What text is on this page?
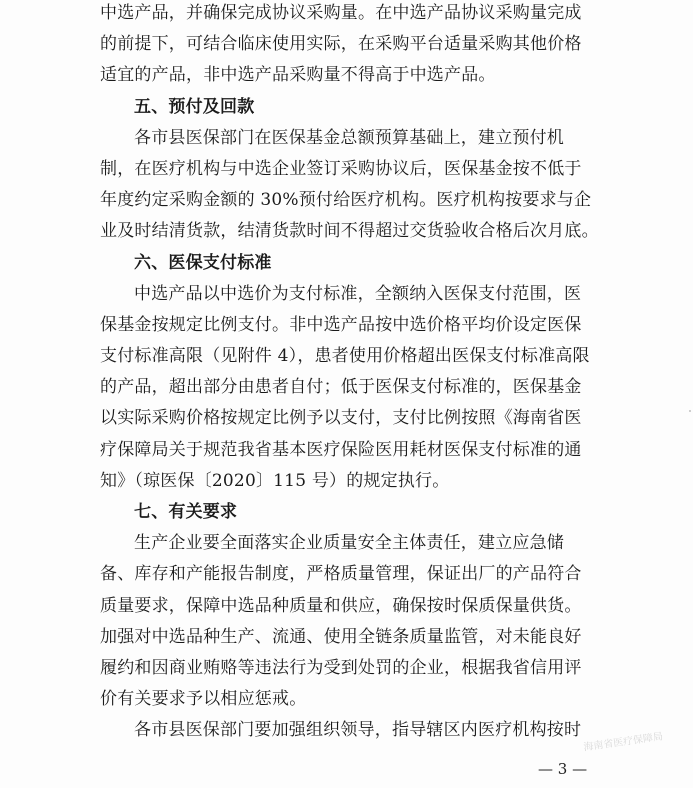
中选产品，并确保完成协议采购量。在中选产品协议采购量完成
的前提下，可结合临床使用实际，在采购平台适量采购其他价格
适宜的产品，非中选产品采购量不得高于中选产品。
五、预付及回款
各市县医保部门在医保基金总额预算基础上，建立预付机
制，在医疗机构与中选企业签订采购协议后，医保基金按不低于
年度约定采购金额的 30%预付给医疗机构。医疗机构按要求与企
业及时结清货款，结清货款时间不得超过交货验收合格后次月底。
六、医保支付标准
中选产品以中选价为支付标准，全额纳入医保支付范围，医
保基金按规定比例支付。非中选产品按中选价格平均价设定医保
支付标准高限（见附件 4），患者使用价格超出医保支付标准高限
的产品，超出部分由患者自付；低于医保支付标准的，医保基金
以实际采购价格按规定比例予以支付，支付比例按照《海南省医
疗保障局关于规范我省基本医疗保险医用耗材医保支付标准的通
知》（琼医保〔2020〕115 号）的规定执行。
七、有关要求
生产企业要全面落实企业质量安全主体责任，建立应急储
备、库存和产能报告制度，严格质量管理，保证出厂的产品符合
质量要求，保障中选品种质量和供应，确保按时保质保量供货。
加强对中选品种生产、流通、使用全链条质量监管，对未能良好
履约和因商业贿赂等违法行为受到处罚的企业，根据我省信用评
价有关要求予以相应惩戒。
各市县医保部门要加强组织领导，指导辖区内医疗机构按时
— 3 —
海南省医疗保障局
